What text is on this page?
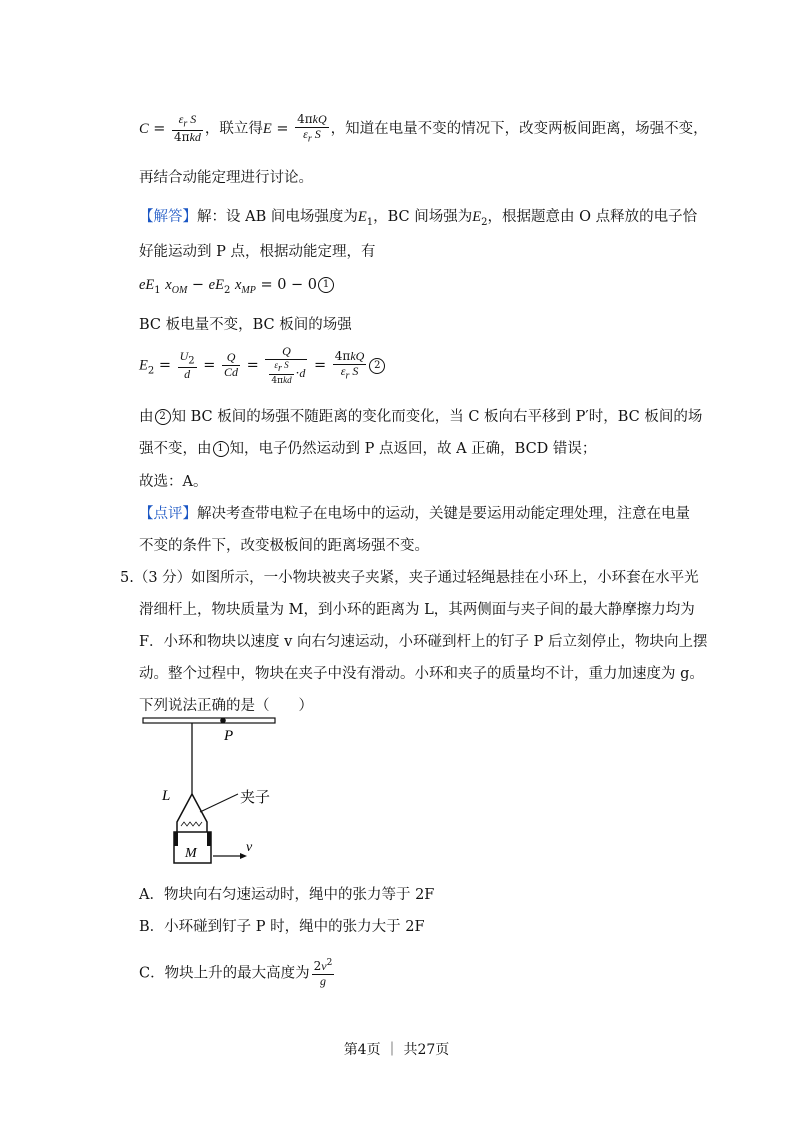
$C = \frac{\varepsilon_r S}{\text{4πkd}}$ ，联立得$E = \frac{\text{4πkQ}}{\varepsilon_r S}$ ，知道在电量不变的情况下，改变两板间距离，场强不变，
再结合动能定理进行讨论。
【解答】解：设 AB 间电场强度为$E_1$，BC 间场强为$E_2$，根据题意由 O 点释放的电子恰
好能运动到 P 点，根据动能定理，有
$eE_1$ $x_{OM} - eE_2$ $x_{MP} = 0 - 0$ 1
BC 板电量不变，BC 板间的场强
$E_2 = \frac{U_2}{d} = \frac{Q}{Cd} = \frac{Q}{\frac{\varepsilon_r S}{\text{4πkd}} \cdot d} = \frac{\text{4πkQ}}{\varepsilon_r S} 2$
由 2 知 BC 板间的场强不随距离的变化而变化，当 C 板向右平移到 P′时，BC 板间的场
强不变，由 1 知，电子仍然运动到 P 点返回，故 A 正确，BCD 错误；
故选：A。
【点评】解决考查带电粒子在电场中的运动，关键是要运用动能定理处理，注意在电量
不变的条件下，改变极板间的距离场强不变。
5.（3 分）如图所示，一小物块被夹子夹紧，夹子通过轻绳悬挂在小环上，小环套在水平光
滑细杆上，物块质量为 M，到小环的距离为 L，其两侧面与夹子间的最大静摩擦力均为
F．小环和物块以速度 v 向右匀速运动，小环碰到杆上的钉子 P 后立刻停止，物块向上摆
动。整个过程中，物块在夹子中没有滑动。小环和夹子的质量均不计，重力加速度为 g。
下列说法正确的是（　　）
P
L	夹子
M	v
A．物块向右匀速运动时，绳中的张力等于 2F
B．小环碰到钉子 P 时，绳中的张力大于 2F
C．物块上升的最大高度为 $\frac{2v^2}{g}$
第4页 ｜ 共27页
